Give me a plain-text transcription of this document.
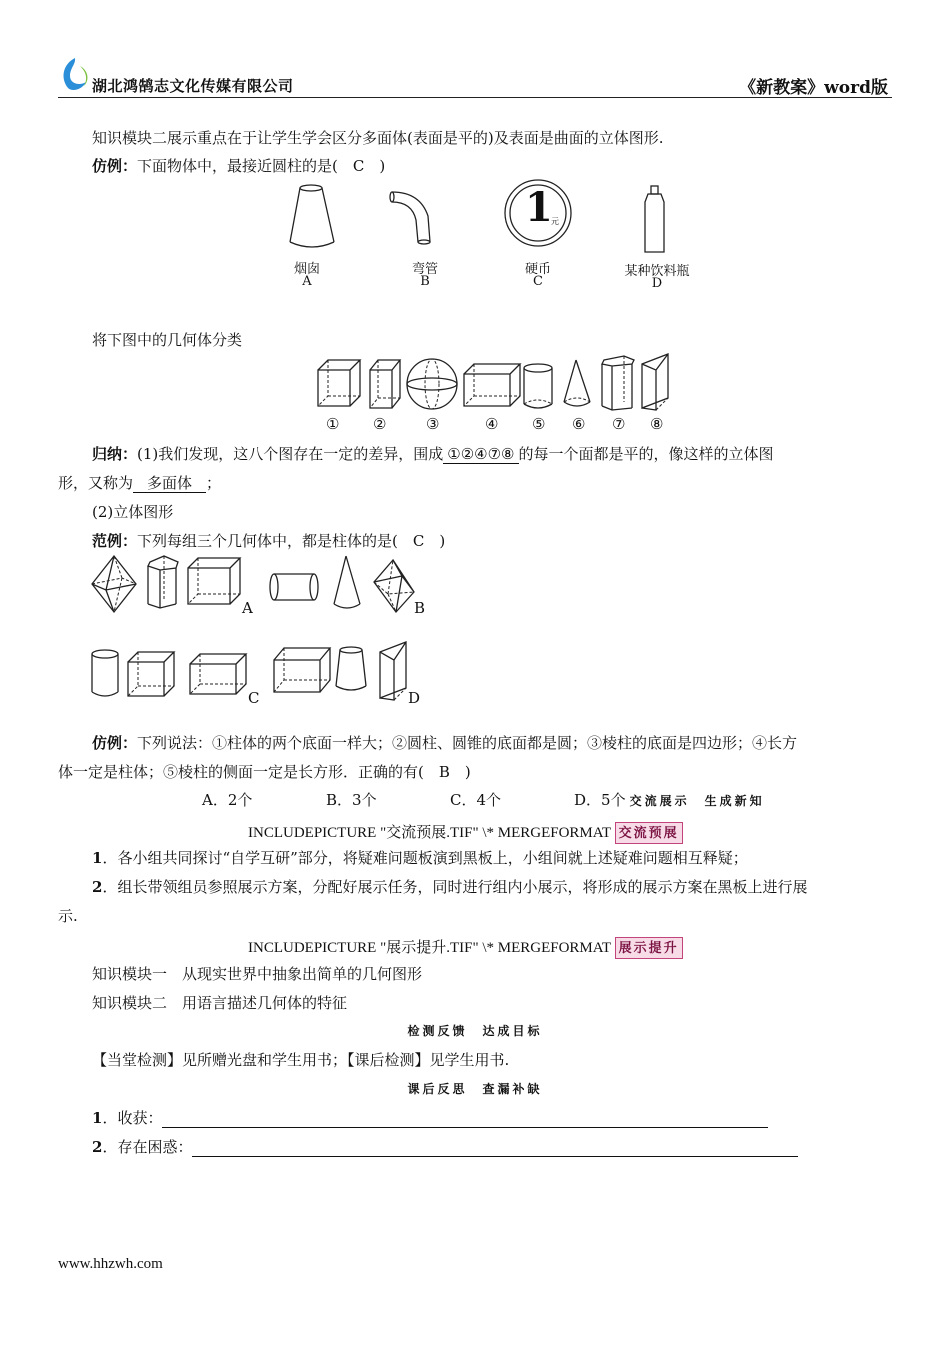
湖北鸿鹄志文化传媒有限公司	《新教案》word版
知识模块二展示重点在于让学生学会区分多面体(表面是平的)及表面是曲面的立体图形.
仿例：下面物体中，最接近圆柱的是(　C　)
1
元
烟囱
A
弯管
B
硬币
C
某种饮料瓶
D
将下图中的几何体分类
① ②	③	④ ⑤ ⑥ ⑦ ⑧
归纳：(1)我们发现，这八个图存在一定的差异，围成 ①②④⑦⑧ 的每一个面都是平的，像这样的立体图
形，又称为 多面体 ；
(2)立体图形
范例：下列每组三个几何体中，都是柱体的是(　C　)
A	B
C	D
仿例：下列说法：①柱体的两个底面一样大；②圆柱、圆锥的底面都是圆；③棱柱的底面是四边形；④长方
体一定是柱体；⑤棱柱的侧面一定是长方形．正确的有(　B　)
A．2个	B．3个	C．4个	D．5个 交流展示　生成新知
INCLUDEPICTURE "交流预展.TIF" \* MERGEFORMAT 交流预展
1．各小组共同探讨“自学互研”部分，将疑难问题板演到黑板上，小组间就上述疑难问题相互释疑；
2．组长带领组员参照展示方案，分配好展示任务，同时进行组内小展示，将形成的展示方案在黑板上进行展
示.
INCLUDEPICTURE "展示提升.TIF" \* MERGEFORMAT 展示提升
知识模块一　从现实世界中抽象出简单的几何图形
知识模块二　用语言描述几何体的特征
检测反馈　达成目标
【当堂检测】见所赠光盘和学生用书；【课后检测】见学生用书.
课后反思　查漏补缺
1．收获：
2．存在困惑：
www.hhzwh.com
